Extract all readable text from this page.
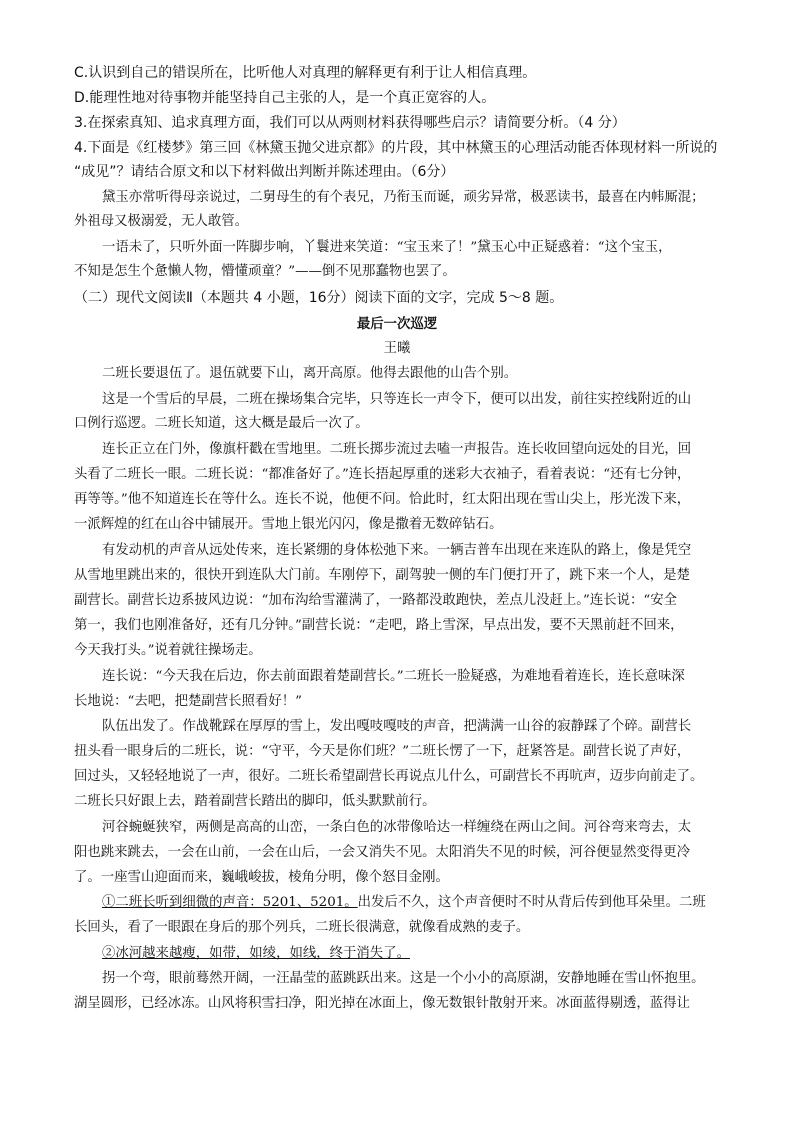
C.认识到自己的错误所在，比听他人对真理的解释更有利于让人相信真理。
D.能理性地对待事物并能坚持自己主张的人，是一个真正宽容的人。
3.在探索真知、追求真理方面，我们可以从两则材料获得哪些启示？请简要分析。（4 分）
4.下面是《红楼梦》第三回《林黛玉抛父进京都》的片段，其中林黛玉的心理活动能否体现材料一所说的
“成见”？请结合原文和以下材料做出判断并陈述理由。（6分）
黛玉亦常听得母亲说过，二舅母生的有个表兄，乃衔玉而诞，顽劣异常，极恶读书，最喜在内帏厮混；
外祖母又极溺爱，无人敢管。
一语未了，只听外面一阵脚步响，丫鬟进来笑道：“宝玉来了！”黛玉心中正疑惑着：“这个宝玉，
不知是怎生个惫懒人物，懵懂顽童？”——倒不见那蠢物也罢了。
（二）现代文阅读Ⅱ（本题共 4 小题，16分）阅读下面的文字，完成 5～8 题。
最后一次巡逻
王曦
二班长要退伍了。退伍就要下山，离开高原。他得去跟他的山告个别。
这是一个雪后的早晨，二班在操场集合完毕，只等连长一声令下，便可以出发，前往实控线附近的山
口例行巡逻。二班长知道，这大概是最后一次了。
连长正立在门外，像旗杆戳在雪地里。二班长掷步流过去嗑一声报告。连长收回望向远处的目光，回
头看了二班长一眼。二班长说：“都准备好了。”连长捂起厚重的迷彩大衣袖子，看着表说：“还有七分钟，
再等等。”他不知道连长在等什么。连长不说，他便不问。恰此时，红太阳出现在雪山尖上，彤光泼下来，
一派辉煌的红在山谷中铺展开。雪地上银光闪闪，像是撒着无数碎钻石。
有发动机的声音从远处传来，连长紧绷的身体松弛下来。一辆吉普车出现在来连队的路上，像是凭空
从雪地里跳出来的，很快开到连队大门前。车刚停下，副驾驶一侧的车门便打开了，跳下来一个人，是楚
副营长。副营长边系披风边说：“加布沟给雪灌满了，一路都没敢跑快，差点儿没赶上。”连长说：“安全
第一，我们也刚准备好，还有几分钟。”副营长说：“走吧，路上雪深，早点出发，要不天黑前赶不回来，
今天我打头。”说着就往操场走。
连长说：“今天我在后边，你去前面跟着楚副营长。”二班长一脸疑惑，为难地看着连长，连长意味深
长地说：“去吧，把楚副营长照看好！”
队伍出发了。作战靴踩在厚厚的雪上，发出嘎吱嘎吱的声音，把满满一山谷的寂静踩了个碎。副营长
扭头看一眼身后的二班长，说：“守平，今天是你们班？”二班长愣了一下，赶紧答是。副营长说了声好，
回过头，又轻轻地说了一声，很好。二班长希望副营长再说点儿什么，可副营长不再吭声，迈步向前走了。
二班长只好跟上去，踏着副营长踏出的脚印，低头默默前行。
河谷蜿蜒狭窄，两侧是高高的山峦，一条白色的冰带像哈达一样缠绕在两山之间。河谷弯来弯去，太
阳也跳来跳去，一会在山前，一会在山后，一会又消失不见。太阳消失不见的时候，河谷便显然变得更冷
了。一座雪山迎面而来，巍峨峻拔，棱角分明，像个怒目金刚。
①二班长听到细微的声音：5201、5201。出发后不久，这个声音便时不时从背后传到他耳朵里。二班
长回头，看了一眼跟在身后的那个列兵，二班长很满意，就像看成熟的麦子。
②冰河越来越瘦，如带，如绫，如线，终于消失了。
拐一个弯，眼前蓦然开阔，一汪晶莹的蓝跳跃出来。这是一个小小的高原湖，安静地睡在雪山怀抱里。
湖呈圆形，已经冰冻。山风将积雪扫净，阳光掉在冰面上，像无数银针散射开来。冰面蓝得剔透，蓝得让
